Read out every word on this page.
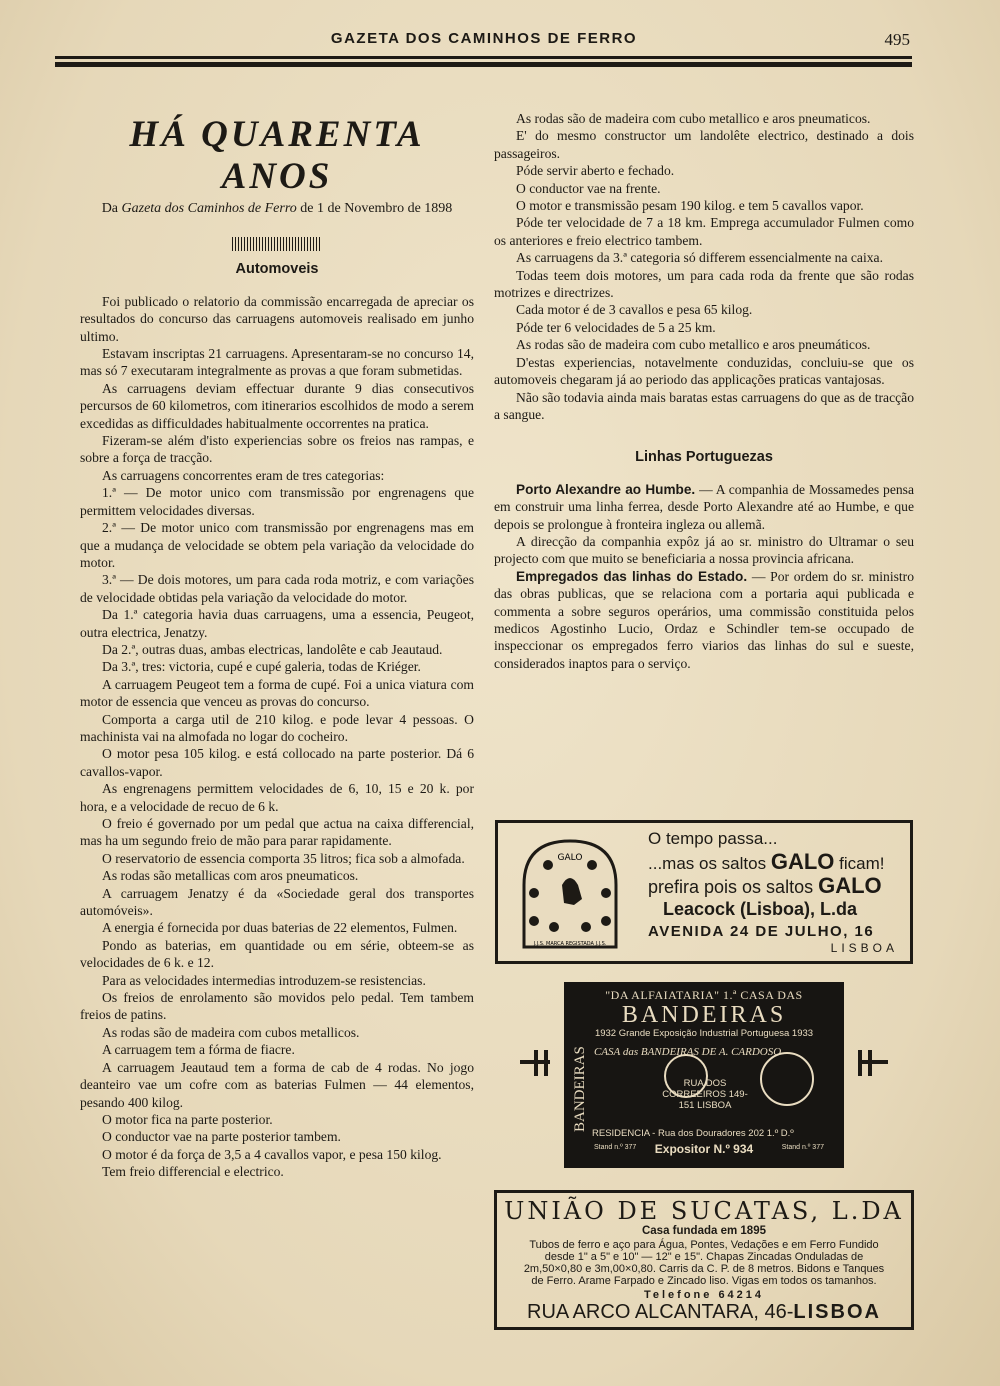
GAZETA DOS CAMINHOS DE FERRO	495
HÁ QUARENTA ANOS
Da Gazeta dos Caminhos de Ferro de 1 de Novembro de 1898
Automoveis

Foi publicado o relatorio da commissão encarregada de apreciar os resultados do concurso das carruagens automoveis realisado em junho ultimo.

Estavam inscriptas 21 carruagens. Apresentaram-se no concurso 14, mas só 7 executaram integralmente as provas a que foram submetidas.

As carruagens deviam effectuar durante 9 dias consecutivos percursos de 60 kilometros, com itinerarios escolhidos de modo a serem excedidas as difficuldades habitualmente occorrentes na pratica.

Fizeram-se além d'isto experiencias sobre os freios nas rampas, e sobre a força de tracção.

As carruagens concorrentes eram de tres categorias:

1.ª — De motor unico com transmissão por engrenagens que permittem velocidades diversas.

2.ª — De motor unico com transmissão por engrenagens mas em que a mudança de velocidade se obtem pela variação da velocidade do motor.

3.ª — De dois motores, um para cada roda motriz, e com variações de velocidade obtidas pela variação da velocidade do motor.

Da 1.ª categoria havia duas carruagens, uma a essencia, Peugeot, outra electrica, Jenatzy.

Da 2.ª, outras duas, ambas electricas, landolête e cab Jeautaud.

Da 3.ª, tres: victoria, cupé e cupé galeria, todas de Kriéger.

A carruagem Peugeot tem a forma de cupé. Foi a unica viatura com motor de essencia que venceu as provas do concurso.

Comporta a carga util de 210 kilog. e pode levar 4 pessoas. O machinista vai na almofada no logar do cocheiro.

O motor pesa 105 kilog. e está collocado na parte posterior. Dá 6 cavallos-vapor.

As engrenagens permittem velocidades de 6, 10, 15 e 20 k. por hora, e a velocidade de recuo de 6 k.

O freio é governado por um pedal que actua na caixa differencial, mas ha um segundo freio de mão para parar rapidamente.

O reservatorio de essencia comporta 35 litros; fica sob a almofada.

As rodas são metallicas com aros pneumaticos.

A carruagem Jenatzy é da «Sociedade geral dos transportes automóveis».

A energia é fornecida por duas baterias de 22 elementos, Fulmen.

Pondo as baterias, em quantidade ou em série, obteem-se as velocidades de 6 k. e 12.

Para as velocidades intermedias introduzem-se resistencias.

Os freios de enrolamento são movidos pelo pedal. Tem tambem freios de patins.

As rodas são de madeira com cubos metallicos.

A carruagem tem a fórma de fiacre.

A carruagem Jeautaud tem a forma de cab de 4 rodas. No jogo deanteiro vae um cofre com as baterias Fulmen — 44 elementos, pesando 400 kilog.

O motor fica na parte posterior.

O conductor vae na parte posterior tambem.

O motor é da força de 3,5 a 4 cavallos vapor, e pesa 150 kilog.

Tem freio differencial e electrico.

As rodas são de madeira com cubo metallico e aros pneumaticos.

E' do mesmo constructor um landolête electrico, destinado a dois passageiros.

Póde servir aberto e fechado.

O conductor vae na frente.

O motor e transmissão pesam 190 kilog. e tem 5 cavallos vapor.

Póde ter velocidade de 7 a 18 km. Emprega accumulador Fulmen como os anteriores e freio electrico tambem.

As carruagens da 3.ª categoria só differem essencialmente na caixa.

Todas teem dois motores, um para cada roda da frente que são rodas motrizes e directrizes.

Cada motor é de 3 cavallos e pesa 65 kilog.

Póde ter 6 velocidades de 5 a 25 km.

As rodas são de madeira com cubo metallico e aros pneumáticos.

D'estas experiencias, notavelmente conduzidas, concluiu-se que os automoveis chegaram já ao periodo das applicações praticas vantajosas.

Não são todavia ainda mais baratas estas carruagens do que as de tracção a sangue.

Linhas Portuguezas

Porto Alexandre ao Humbe. — A companhia de Mossamedes pensa em construir uma linha ferrea, desde Porto Alexandre até ao Humbe, e que depois se prolongue à fronteira ingleza ou allemã.

A direcção da companhia expôz já ao sr. ministro do Ultramar o seu projecto com que muito se beneficiaria a nossa provincia africana.

Empregados das linhas do Estado. — Por ordem do sr. ministro das obras publicas, que se relaciona com a portaria aqui publicada e commenta a sobre seguros operários, uma commissão constituida pelos medicos Agostinho Lucio, Ordaz e Schindler tem-se occupado de inspeccionar os empregados ferro viarios das linhas do sul e sueste, considerados inaptos para o serviço.

GALO
J.J.S. MARCA REGISTADA J.J.S.
O tempo passa...
...mas os saltos GALO ficam!
prefira pois os saltos GALO
Leacock (Lisboa), L.da
AVENIDA 24 DE JULHO, 16
LISBOA
"DA ALFAIATARIA" 1.ª CASA DAS
BANDEIRAS
1932 Grande Exposição Industrial Portuguesa 1933
BANDEIRAS CASA das BANDEIRAS DE A. CARDOSO
RUA DOS CORREEIROS 149-151 LISBOA
RESIDENCIA - Rua dos Douradores 202 1.º D.º
Stand n.º 377	Expositor N.º 934	Stand n.º 377
UNIÃO DE SUCATAS, L.DA
Casa fundada em 1895
Tubos de ferro e aço para Água, Pontes, Vedações e em Ferro Fundido desde 1" a 5" e 10" — 12" e 15". Chapas Zincadas Onduladas de 2m,50×0,80 e 3m,00×0,80. Carris da C. P. de 8 metros. Bidons e Tanques de Ferro. Arame Farpado e Zincado liso. Vigas em todos os tamanhos.
Telefone 64214
RUA ARCO ALCANTARA, 46-LISBOA
